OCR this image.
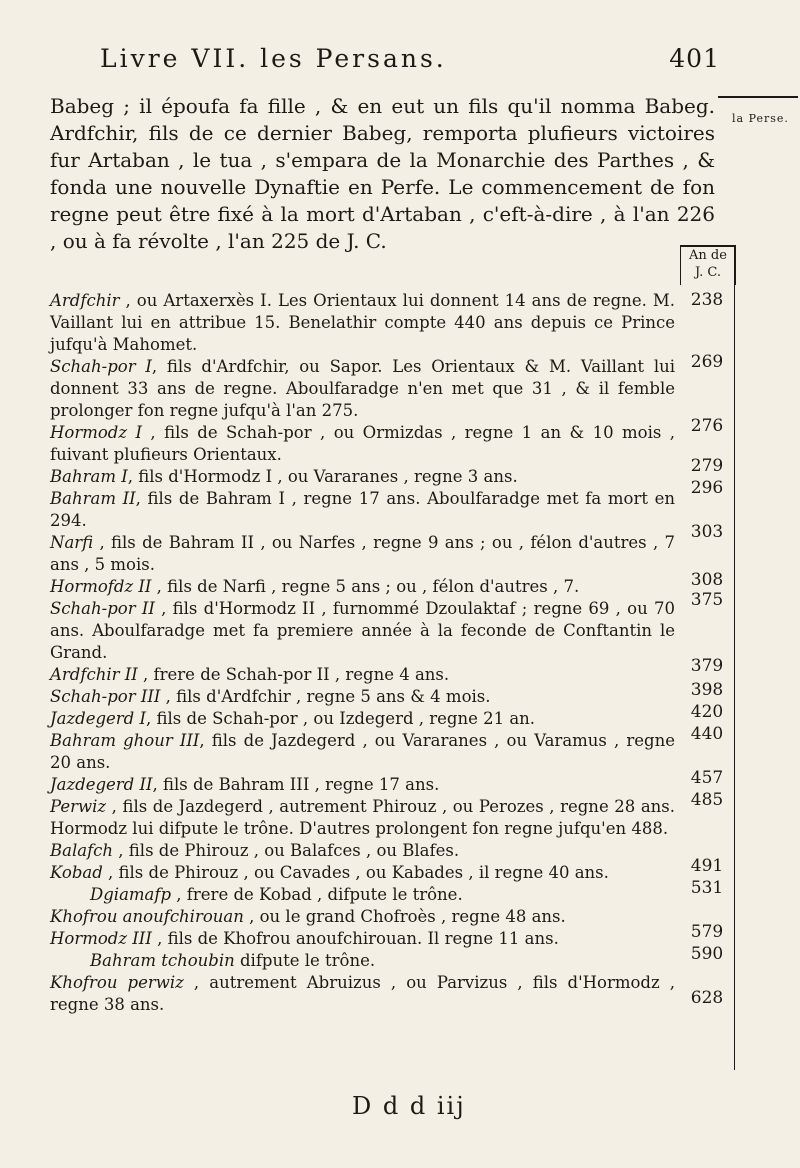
Livre VII. les Persans.	401
la Perse.

Babeg ; il époufa fa fille , & en eut un fils qu'il nomma Babeg. Ardfchir, fils de ce dernier Babeg, remporta plufieurs victoires fur Artaban , le tua , s'empara de la Monarchie des Parthes , & fonda une nouvelle Dynaftie en Perfe. Le commencement de fon regne peut être fixé à la mort d'Artaban , c'eft-à-dire , à l'an 226 , ou à fa révolte , l'an 225 de J. C.

An de
J. C.

Ardfchir , ou Artaxerxès I. Les Orientaux lui donnent 14 ans de regne. M. Vaillant lui en attribue 15. Benelathir compte 440 ans depuis ce Prince jufqu'à Mahomet.

Schah-por I, fils d'Ardfchir, ou Sapor. Les Orientaux & M. Vaillant lui donnent 33 ans de regne. Aboulfaradge n'en met que 31 , & il femble prolonger fon regne jufqu'à l'an 275.

Hormodz I , fils de Schah-por , ou Ormizdas , regne 1 an & 10 mois , fuivant plufieurs Orientaux.

Bahram I, fils d'Hormodz I , ou Vararanes , regne 3 ans.

Bahram II, fils de Bahram I , regne 17 ans. Aboulfaradge met fa mort en 294.

Narfi , fils de Bahram II , ou Narfes , regne 9 ans ; ou , félon d'autres , 7 ans , 5 mois.

Hormofdz II , fils de Narfi , regne 5 ans ; ou , félon d'autres , 7.

Schah-por II , fils d'Hormodz II , furnommé Dzoulaktaf ; regne 69 , ou 70 ans. Aboulfaradge met fa premiere année à la feconde de Conftantin le Grand.

Ardfchir II , frere de Schah-por II , regne 4 ans.

Schah-por III , fils d'Ardfchir , regne 5 ans & 4 mois.

Jazdegerd I, fils de Schah-por , ou Izdegerd , regne 21 an.

Bahram ghour III, fils de Jazdegerd , ou Vararanes , ou Varamus , regne 20 ans.

Jazdegerd II, fils de Bahram III , regne 17 ans.

Perwiz , fils de Jazdegerd , autrement Phirouz , ou Perozes , regne 28 ans. Hormodz lui difpute le trône. D'autres prolongent fon regne jufqu'en 488.

Balafch , fils de Phirouz , ou Balafces , ou Blafes.

Kobad , fils de Phirouz , ou Cavades , ou Kabades , il regne 40 ans.

Dgiamafp , frere de Kobad , difpute le trône.

Khofrou anoufchirouan , ou le grand Chofroès , regne 48 ans.

Hormodz III , fils de Khofrou anoufchirouan. Il regne 11 ans.

Bahram tchoubin difpute le trône.

Khofrou perwiz , autrement Abruizus , ou Parvizus , fils d'Hormodz , regne 38 ans.

238
269
276
279
296
303
308
375
379
398
420
440
457
485
491
531
579
590
628
D d d iij
